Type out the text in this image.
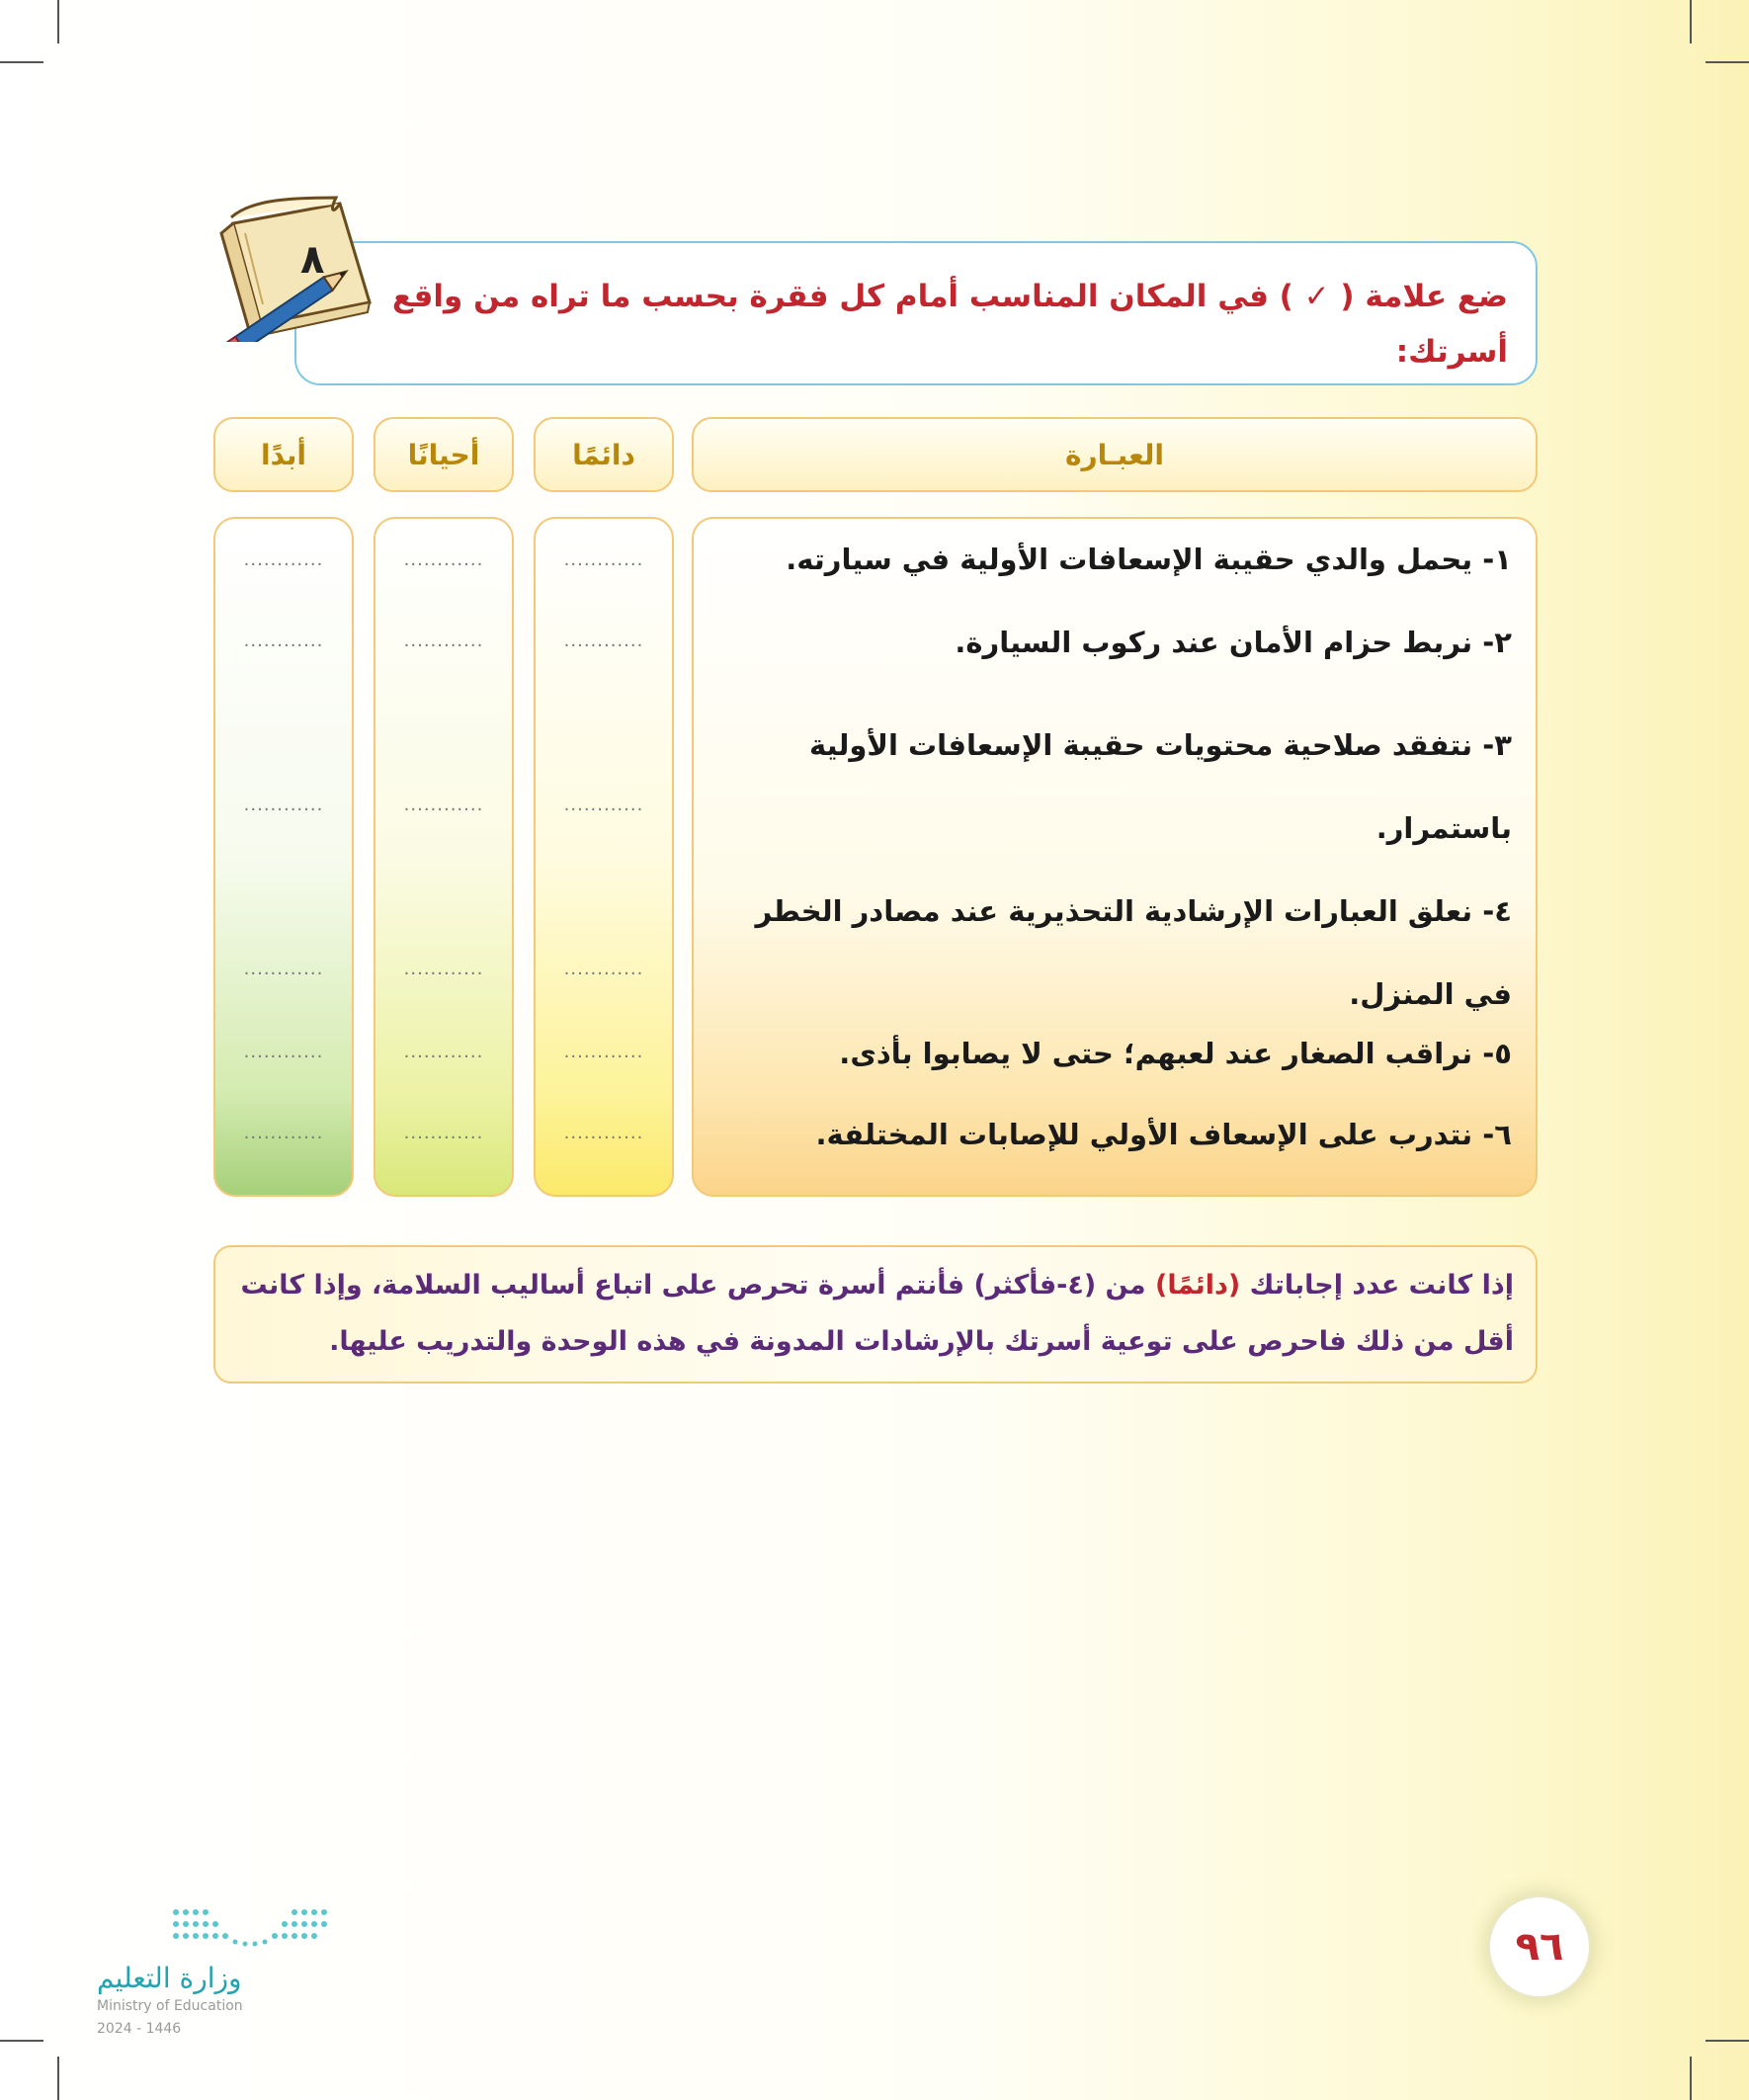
ضع علامة ( ✓ ) في المكان المناسب أمام كل فقرة بحسب ما تراه من واقع
أسرتك:
٨
العبـارة
دائمًا
أحيانًا
أبدًا
١- يحمل والدي حقيبة الإسعافات الأولية في سيارته.
٢- نربط حزام الأمان عند ركوب السيارة.
٣- نتفقد صلاحية محتويات حقيبة الإسعافات الأولية باستمرار.
٤- نعلق العبارات الإرشادية التحذيرية عند مصادر الخطر في المنزل.
٥- نراقب الصغار عند لعبهم؛ حتى لا يصابوا بأذى.
٦- نتدرب على الإسعاف الأولي للإصابات المختلفة.
............
............
............
............
............
............
............
............
............
............
............
............
............
............
............
............
............
............
إذا كانت عدد إجاباتك (دائمًا) من (٤-فأكثر) فأنتم أسرة تحرص على اتباع أساليب السلامة، وإذا كانت أقل من ذلك فاحرص على توعية أسرتك بالإرشادات المدونة في هذه الوحدة والتدريب عليها.
وزارة التعليم
Ministry of Education
2024 - 1446
٩٦
